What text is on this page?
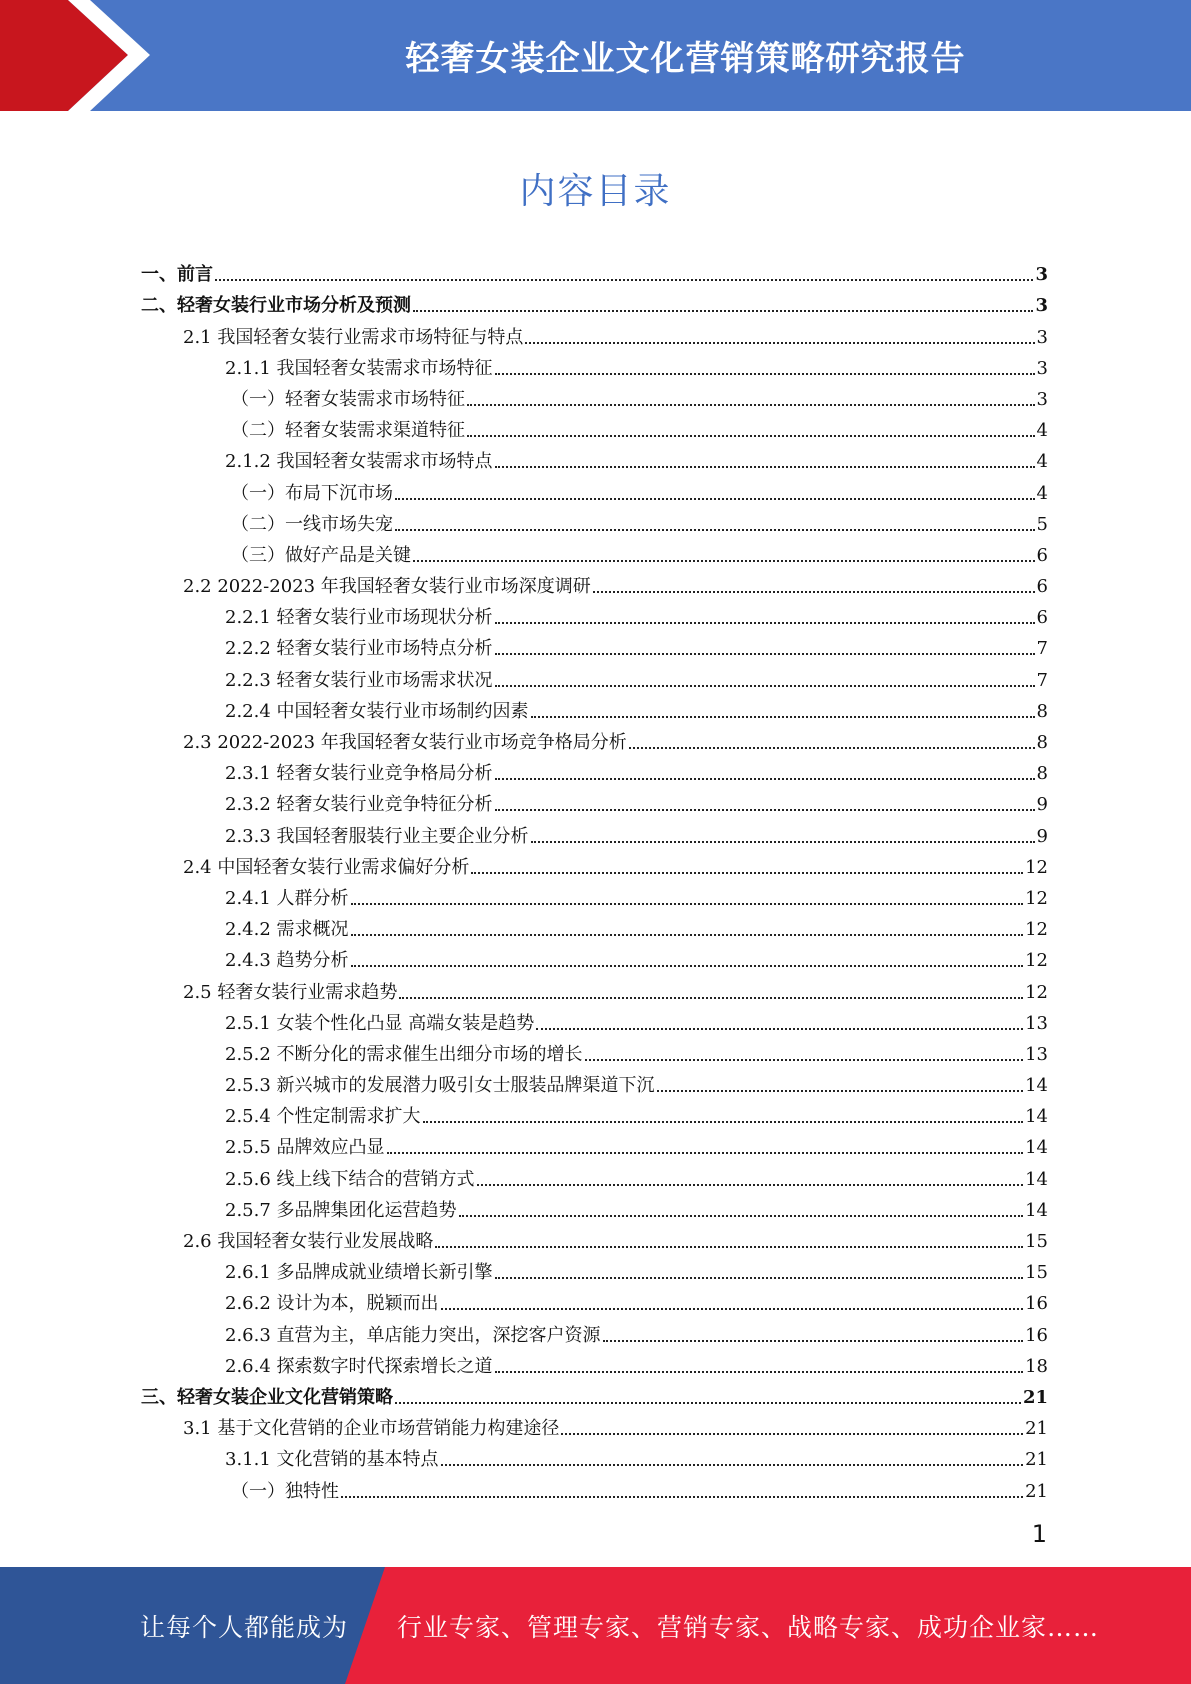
轻奢女装企业文化营销策略研究报告
内容目录
一、前言	3
二、轻奢女装行业市场分析及预测	3
2.1 我国轻奢女装行业需求市场特征与特点	3
2.1.1 我国轻奢女装需求市场特征	3
（一）轻奢女装需求市场特征	3
（二）轻奢女装需求渠道特征	4
2.1.2 我国轻奢女装需求市场特点	4
（一）布局下沉市场	4
（二）一线市场失宠	5
（三）做好产品是关键	6
2.2 2022-2023 年我国轻奢女装行业市场深度调研	6
2.2.1 轻奢女装行业市场现状分析	6
2.2.2 轻奢女装行业市场特点分析	7
2.2.3 轻奢女装行业市场需求状况	7
2.2.4 中国轻奢女装行业市场制约因素	8
2.3 2022-2023 年我国轻奢女装行业市场竞争格局分析	8
2.3.1 轻奢女装行业竞争格局分析	8
2.3.2 轻奢女装行业竞争特征分析	9
2.3.3 我国轻奢服装行业主要企业分析	9
2.4 中国轻奢女装行业需求偏好分析	12
2.4.1 人群分析	12
2.4.2 需求概况	12
2.4.3 趋势分析	12
2.5 轻奢女装行业需求趋势	12
2.5.1 女装个性化凸显 高端女装是趋势	13
2.5.2 不断分化的需求催生出细分市场的增长	13
2.5.3 新兴城市的发展潜力吸引女士服装品牌渠道下沉	14
2.5.4 个性定制需求扩大	14
2.5.5 品牌效应凸显	14
2.5.6 线上线下结合的营销方式	14
2.5.7 多品牌集团化运营趋势	14
2.6 我国轻奢女装行业发展战略	15
2.6.1 多品牌成就业绩增长新引擎	15
2.6.2 设计为本，脱颖而出	16
2.6.3 直营为主，单店能力突出，深挖客户资源	16
2.6.4 探索数字时代探索增长之道	18
三、轻奢女装企业文化营销策略	21
3.1 基于文化营销的企业市场营销能力构建途径	21
3.1.1 文化营销的基本特点	21
（一）独特性	21
1
让每个人都能成为 行业专家、管理专家、营销专家、战略专家、成功企业家……
